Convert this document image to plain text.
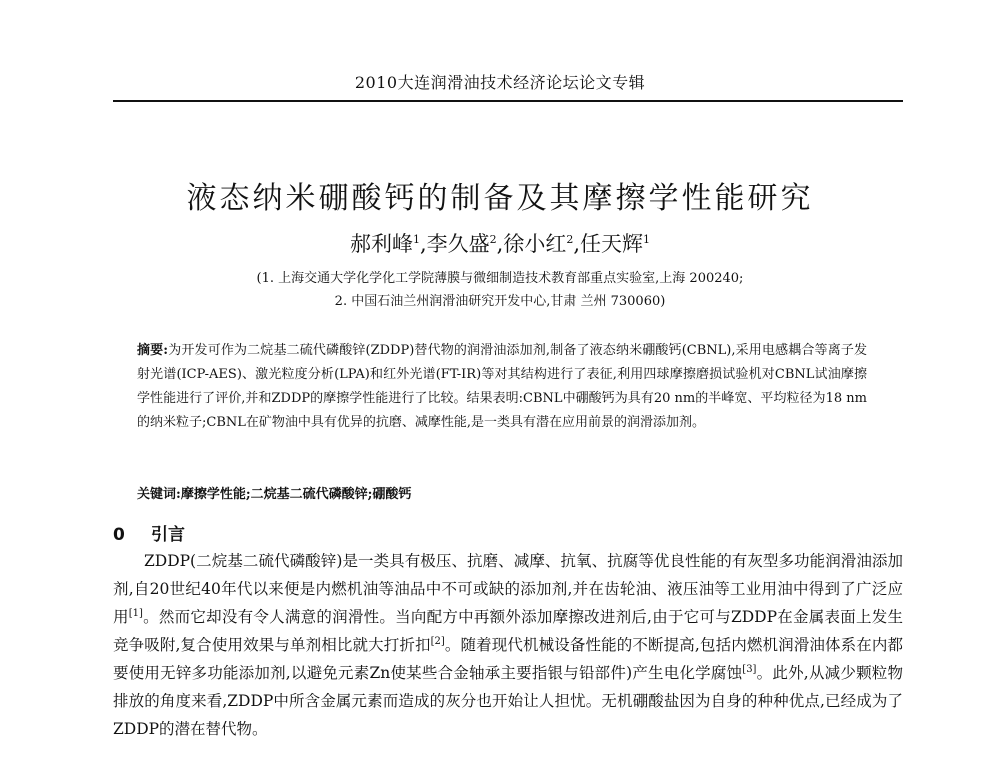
2010大连润滑油技术经济论坛论文专辑
液态纳米硼酸钙的制备及其摩擦学性能研究
郝利峰$^1$,李久盛$^2$,徐小红$^2$,任天辉$^1$
(1. 上海交通大学化学化工学院薄膜与微细制造技术教育部重点实验室,上海 200240;
2. 中国石油兰州润滑油研究开发中心,甘肃 兰州 730060)
摘要:为开发可作为二烷基二硫代磷酸锌(ZDDP)替代物的润滑油添加剂,制备了液态纳米硼酸钙(CBNL),采用电感耦合等离子发射光谱(ICP-AES)、激光粒度分析(LPA)和红外光谱(FT-IR)等对其结构进行了表征,利用四球摩擦磨损试验机对CBNL试油摩擦学性能进行了评价,并和ZDDP的摩擦学性能进行了比较。结果表明:CBNL中硼酸钙为具有20 nm的半峰宽、平均粒径为18 nm的纳米粒子;CBNL在矿物油中具有优异的抗磨、减摩性能,是一类具有潜在应用前景的润滑添加剂。
关键词:摩擦学性能;二烷基二硫代磷酸锌;硼酸钙
0 引言

ZDDP(二烷基二硫代磷酸锌)是一类具有极压、抗磨、减摩、抗氧、抗腐等优良性能的有灰型多功能润滑油添加剂,自20世纪40年代以来便是内燃机油等油品中不可或缺的添加剂,并在齿轮油、液压油等工业用油中得到了广泛应用[1]。然而它却没有令人满意的润滑性。当向配方中再额外添加摩擦改进剂后,由于它可与ZDDP在金属表面上发生竞争吸附,复合使用效果与单剂相比就大打折扣[2]。随着现代机械设备性能的不断提高,包括内燃机润滑油体系在内都要使用无锌多功能添加剂,以避免元素Zn使某些合金轴承主要指银与铅部件)产生电化学腐蚀[3]。此外,从减少颗粒物排放的角度来看,ZDDP中所含金属元素而造成的灰分也开始让人担忧。无机硼酸盐因为自身的种种优点,已经成为了ZDDP的潜在替代物。
